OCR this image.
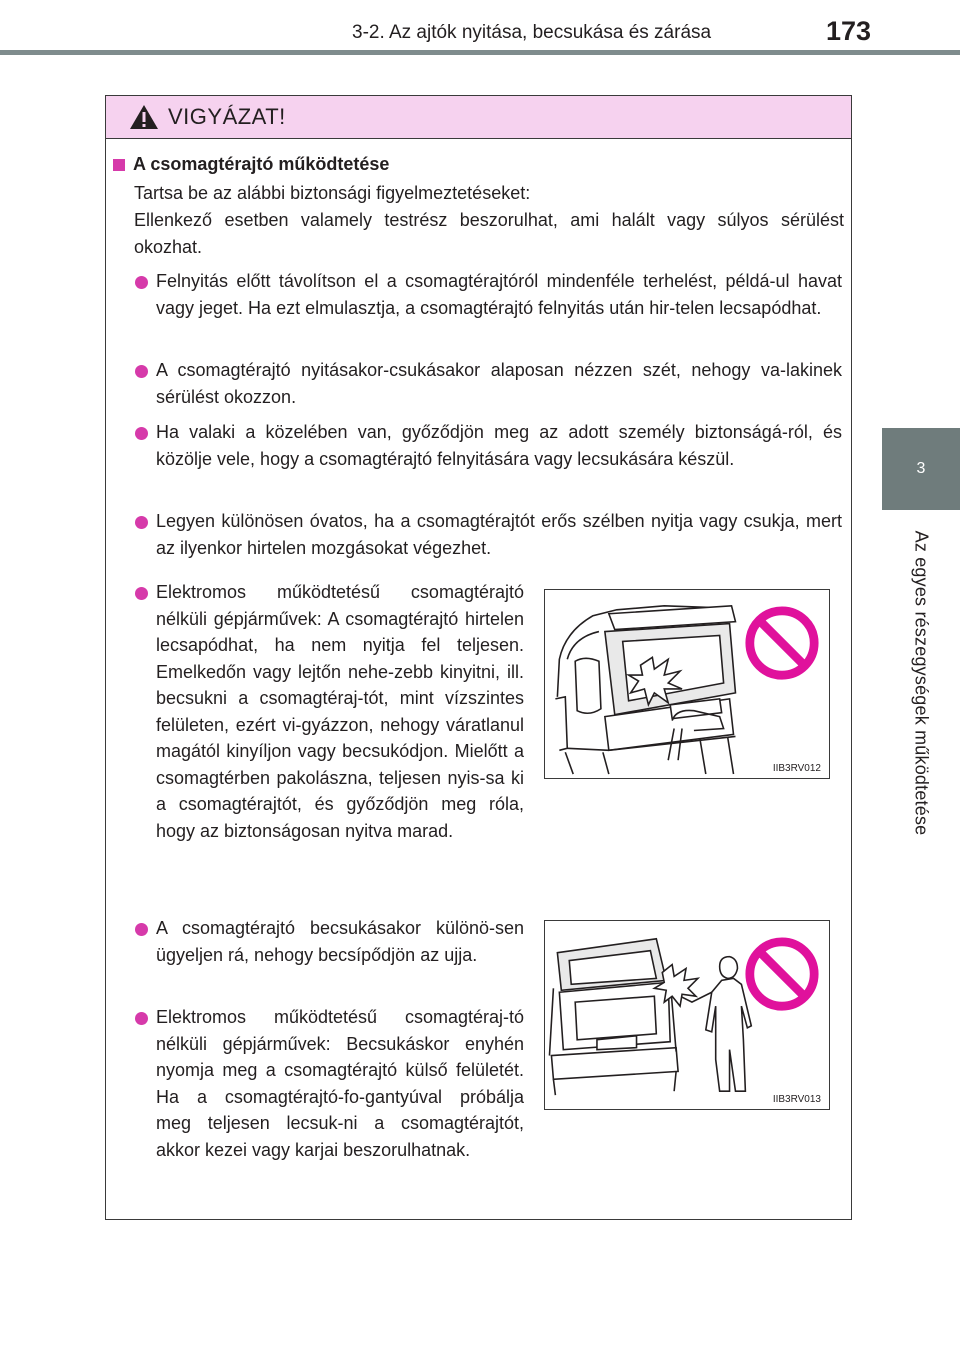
3-2. Az ajtók nyitása, becsukása és zárása	173
3
Az egyes részegységek működtetése
VIGYÁZAT!
A csomagtérajtó működtetése
Tartsa be az alábbi biztonsági figyelmeztetéseket:
Ellenkező esetben valamely testrész beszorulhat, ami halált vagy súlyos sérülést okozhat.
Felnyitás előtt távolítson el a csomagtérajtóról mindenféle terhelést, példá-ul havat vagy jeget. Ha ezt elmulasztja, a csomagtérajtó felnyitás után hir-telen lecsapódhat.
A csomagtérajtó nyitásakor-csukásakor alaposan nézzen szét, nehogy va-lakinek sérülést okozzon.
Ha valaki a közelében van, győződjön meg az adott személy biztonságá-ról, és közölje vele, hogy a csomagtérajtó felnyitására vagy lecsukására készül.
Legyen különösen óvatos, ha a csomagtérajtót erős szélben nyitja vagy csukja, mert az ilyenkor hirtelen mozgásokat végezhet.
Elektromos működtetésű csomagtérajtó nélküli gépjárművek: A csomagtérajtó hirtelen lecsapódhat, ha nem nyitja fel teljesen. Emelkedőn vagy lejtőn nehe-zebb kinyitni, ill. becsukni a csomagtéraj-tót, mint vízszintes felületen, ezért vi-gyázzon, nehogy váratlanul magától kinyíljon vagy becsukódjon. Mielőtt a csomagtérben pakolászna, teljesen nyis-sa ki a csomagtérajtót, és győződjön meg róla, hogy az biztonságosan nyitva marad.
A csomagtérajtó becsukásakor különö-sen ügyeljen rá, nehogy becsípődjön az ujja.
Elektromos működtetésű csomagtéraj-tó nélküli gépjárművek: Becsukáskor enyhén nyomja meg a csomagtérajtó külső felületét. Ha a csomagtérajtó-fo-gantyúval próbálja meg teljesen lecsuk-ni a csomagtérajtót, akkor kezei vagy karjai beszorulhatnak.
IIB3RV012
IIB3RV013
